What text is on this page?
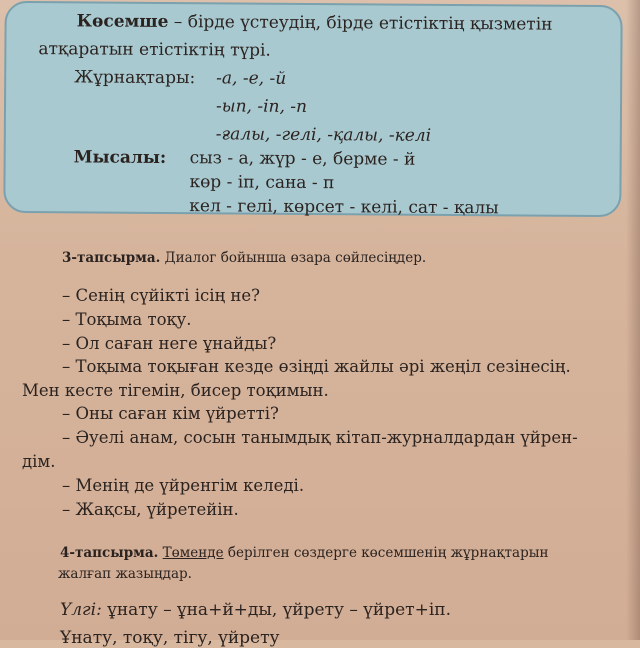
Көсемше – бірде үстеудің, бірде етістіктің қызметін
атқаратын етістіктің түрі.
Жұрнақтары: -а, -е, -й
-ып, -іп, -п
-ғалы, -гелі, -қалы, -келі
Мысалы: сыз - а, жүр - е, берме - й
көр - іп, сана - п
кел - гелі, көрсет - келі, сат - қалы
3-тапсырма. Диалог бойынша өзара сөйлесіңдер.
– Сенің сүйікті ісің не?
– Тоқыма тоқу.
– Ол саған неге ұнайды?
– Тоқыма тоқыған кезде өзіңді жайлы әрі жеңіл сезінесің.
Мен кесте тігемін, бисер тоқимын.
– Оны саған кім үйретті?
– Әуелі анам, сосын танымдық кітап-журналдардан үйрен-
дім.
– Менің де үйренгім келеді.
– Жақсы, үйретейін.
4-тапсырма. Төменде берілген сөздерге көсемшенің жұрнақтарын
жалғап жазыңдар.
Үлгі: ұнату – ұна+й+ды, үйрету – үйрет+іп.
Ұнату, тоқу, тігу, үйрету
